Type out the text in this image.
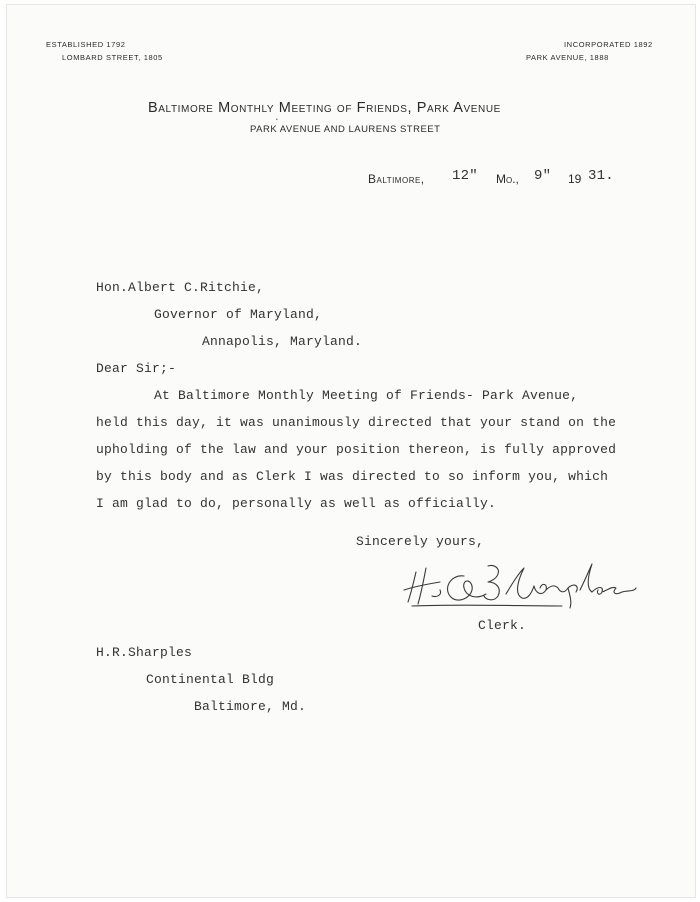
ESTABLISHED 1792
LOMBARD STREET, 1805
INCORPORATED 1892
PARK AVENUE, 1888
Baltimore Monthly Meeting of Friends, Park Avenue
•
PARK AVENUE AND LAURENS STREET
Baltimore, 12" Mo., 9" 19 31.
Hon.Albert C.Ritchie,
Governor of Maryland,
Annapolis, Maryland.
Dear Sir;-
At Baltimore Monthly Meeting of Friends- Park Avenue,
held this day, it was unanimously directed that your stand on the
upholding of the law and your position thereon, is fully approved
by this body and as Clerk I was directed to so inform you, which
I am glad to do, personally as well as officially.
Sincerely yours,
Clerk.
H.R.Sharples
Continental Bldg
Baltimore, Md.
